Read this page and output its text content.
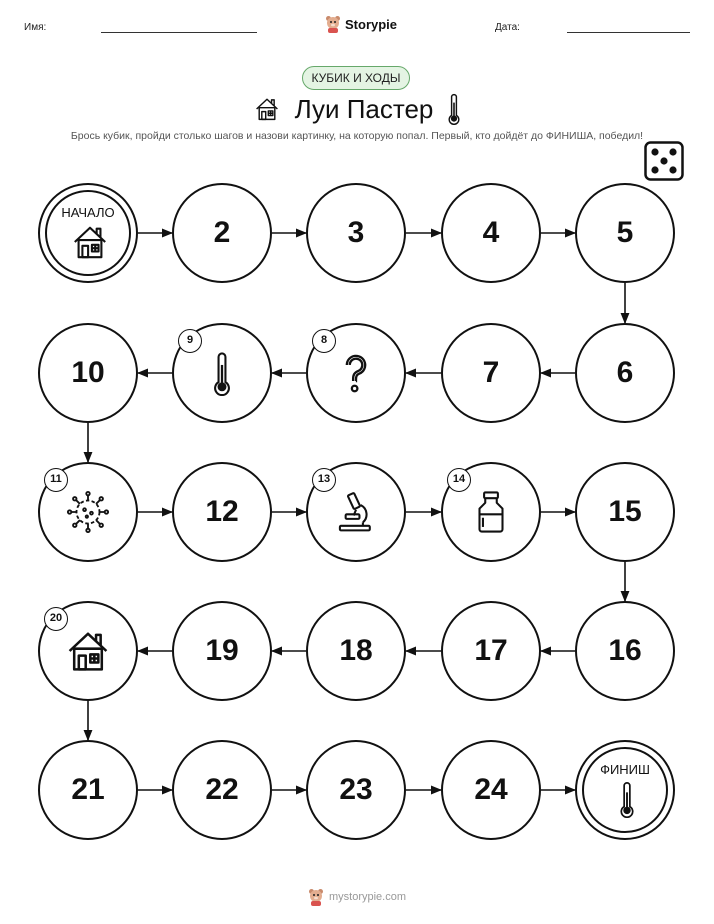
Имя:	Storypie	Дата:
КУБИК И ХОДЫ
Луи Пастер
Брось кубик, пройди столько шагов и назови картинку, на которую попал. Первый, кто дойдёт до ФИНИША, победил!
НАЧАЛО
2	3	4	5
10
9	8
7	6
11
12
13	14
15
20
19	18	17	16
21	22	23	24
ФИНИШ
mystorypie.com
